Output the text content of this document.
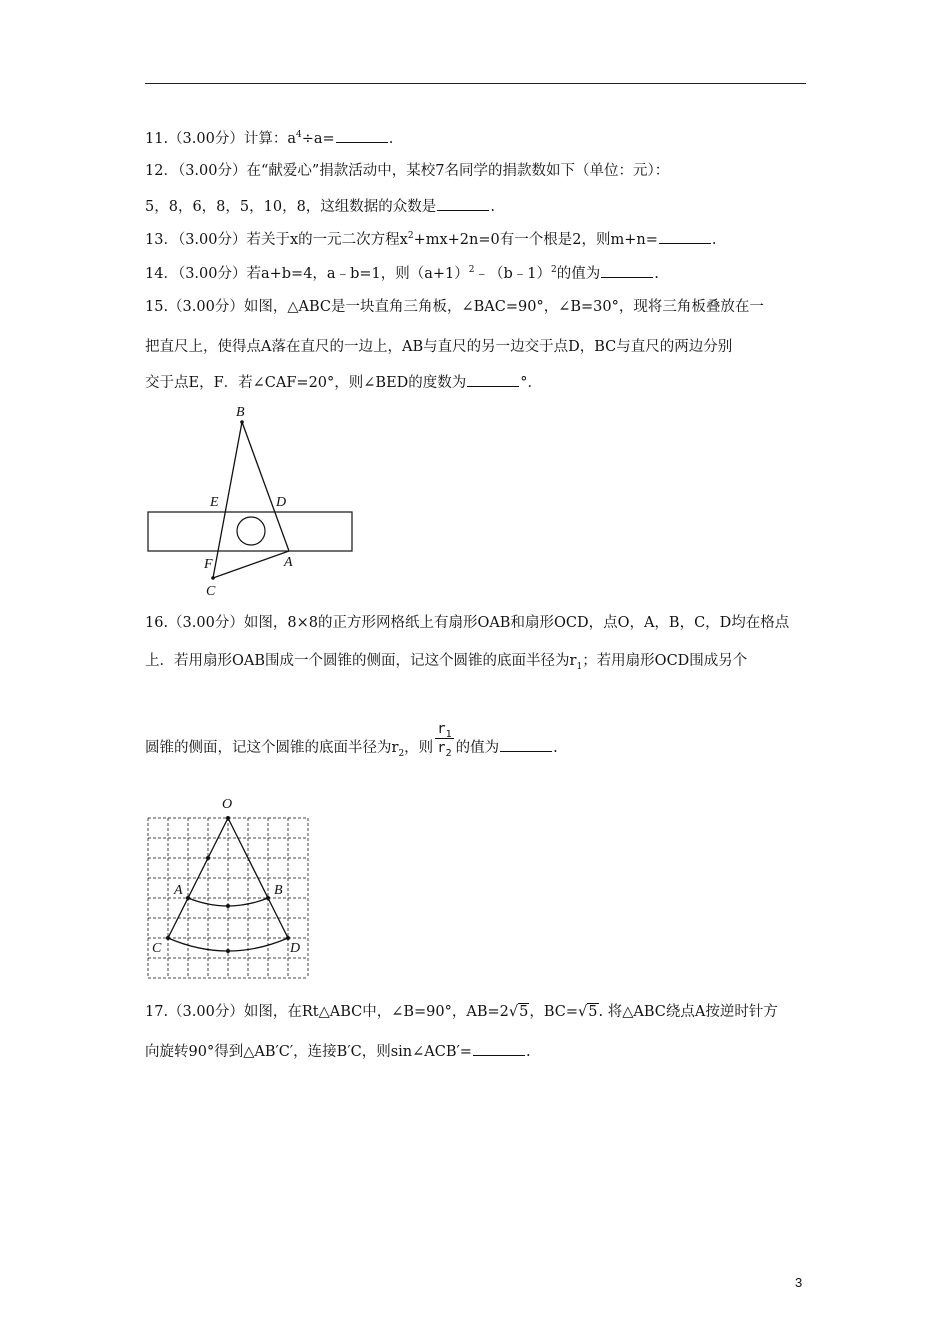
11.（3.00分）计算：$a^4\div a=$	.
12．（3.00分）在“献爱心”捐款活动中，某校7名同学的捐款数如下（单位：元）：
5，8，6，8，5，10，8，这组数据的众数是	.
13．（3.00分）若关于x的一元二次方程$x^2+mx+2n=0$有一个根是2，则m+n=	.
14．（3.00分）若a+b=4，a﹣b=1，则$(a+1)^2﹣(b﹣1)^2$的值为	.
15.（3.00分）如图，△ABC是一块直角三角板，∠BAC=90°，∠B=30°，现将三角板叠放在一
把直尺上，使得点A落在直尺的一边上，AB与直尺的另一边交于点D，BC与直尺的两边分别
交于点E，F．若∠CAF=20°，则∠BED的度数为	°．
B
E	D
F	A
C
16.（3.00分）如图，8×8的正方形网格纸上有扇形OAB和扇形OCD，点O，A，B，C，D均在格点
上．若用扇形OAB围成一个圆锥的侧面，记这个圆锥的底面半径为$r_1$；若用扇形OCD围成另个
圆锥的侧面，记这个圆锥的底面半径为$r_2$，则 $\frac{r_1}{r_2}$ 的值为	.
O
A	B
C	D
17.（3.00分）如图，在Rt△ABC中，∠B=90°，AB=2√5，BC=√5. 将△ABC绕点A按逆时针方
向旋转90°得到△AB′C′，连接B′C，则sin∠ACB′=	.
3
